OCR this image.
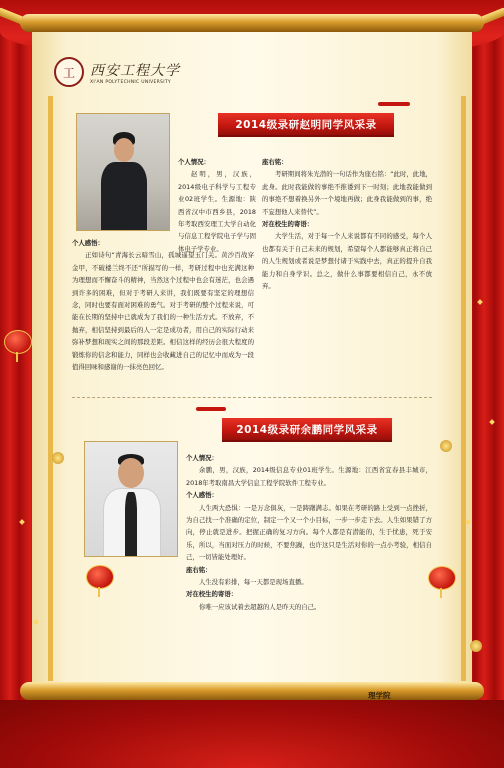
工	西安工程大学
XI'AN POLYTECHNIC UNIVERSITY
2014级录研赵明同学风采录

个人情况：

赵明，男，汉族，2014级电子科学与工程专业02班学生。生源地：陕西省汉中市西乡县，2018年考取西安理工大学自动化与信息工程学院电子学与固体电子学专业。

个人感悟：

正如诗句“青海长云暗雪山，孤城遥望玉门关。黄沙百战穿金甲，不破楼兰终不还”所描写的一样，考研过程中也充满这种为理想而不懈奋斗的精神，当然这个过程中也会有迷茫，也会遇到许多的困难，但对于考研人来讲，我们既要有坚定的理想信念，同时也要有面对困难的勇气。对于考研的整个过程来说，可能在长期的坚持中已就成为了我们的一种生活方式。不放弃，不抛弃，相信坚持到最后的人一定是成功者，用自己的实际行动来弥补梦想和现实之间的那段差距。相信这样的经历会很大程度的锻炼你的信念和能力，同样也会收藏进自己的记忆中而成为一段值得回味和感谢的一抹亮色回忆。

座右铭：

考研期间将朱光潜的一句话作为座右铭：“此时，此地，此身。此时我能做的事绝不推诿到下一时刻；此地我能做到的事绝不想着换另外一个境地再做；此身我能做到的事，绝不妄想他人来替代”。

对在校生的寄语：

大学生活，对于每一个人来说都有不同的感受，每个人也都有关于自己未来的规划，希望每个人都能够真正将自己的人生规划或者说是梦想付诸于实践中去，真正的提升自我能力和自身学识。总之，做什么事都要相信自己，永不放弃。

2014级录研余鹏同学风采录

个人情况：

余鹏，男，汉族，2014级信息专业01班学生。生源地：江西省宜春县丰城市，2018年考取南昌大学信息工程学院软件工程专业。

个人感悟：

人生两大恐惧：一是万念俱灰，一是踌躇满志。如果在考研的路上受到一点挫折，为自己找一个准确的定位，制定一个又一个小目标，一步一步走下去。人生如果错了方向，停止就是进步。把握正确的复习方向。每个人都是有潜能的，生于忧患，死于安乐，所以，当面对压力的时候，不要焦躁，也许这只是生活对你的一点小考验，相信自己，一切皆能处理好。

座右铭：

人生没有彩排，每一天都是现场直播。

对在校生的寄语：

你唯一应该试着去超越的人是昨天的自己。

理学院
